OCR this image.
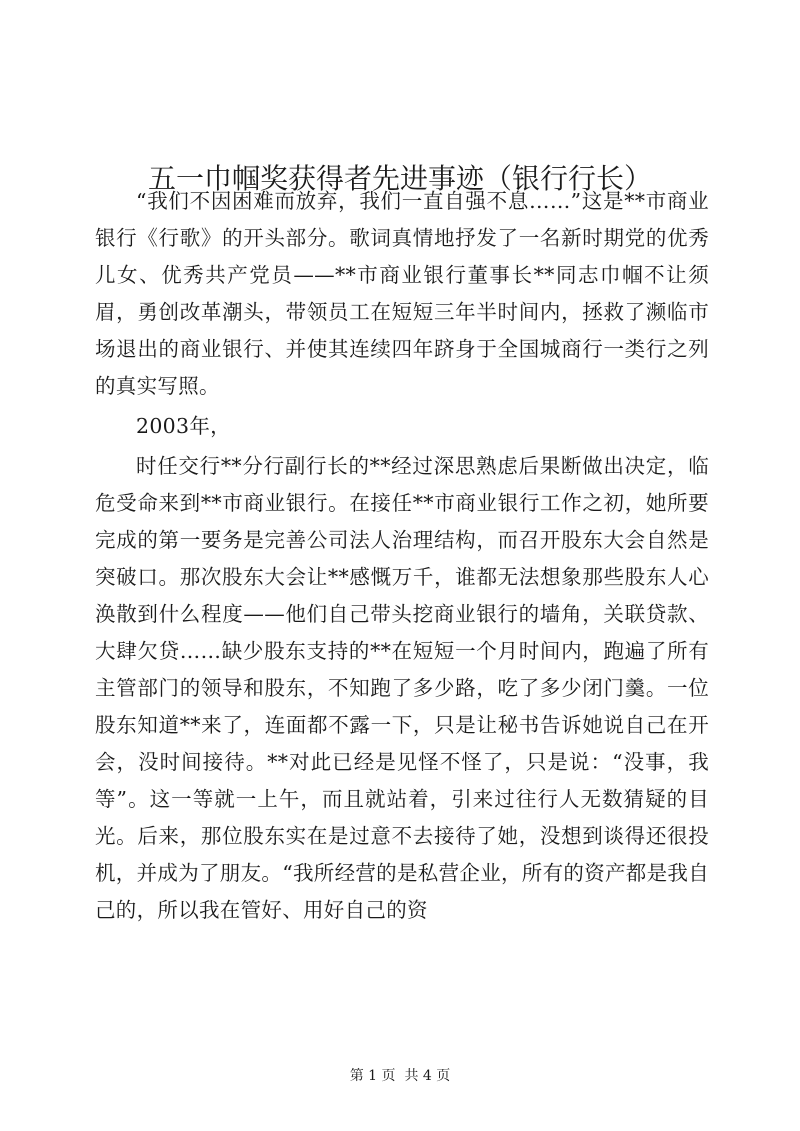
五一巾帼奖获得者先进事迹（银行行长）

“我们不因困难而放弃，我们一直自强不息……”这是**市商业银行《行歌》的开头部分。歌词真情地抒发了一名新时期党的优秀儿女、优秀共产党员——**市商业银行董事长**同志巾帼不让须眉，勇创改革潮头，带领员工在短短三年半时间内，拯救了濒临市场退出的商业银行、并使其连续四年跻身于全国城商行一类行之列的真实写照。

2003年，

时任交行**分行副行长的**经过深思熟虑后果断做出决定，临危受命来到**市商业银行。在接任**市商业银行工作之初，她所要完成的第一要务是完善公司法人治理结构，而召开股东大会自然是突破口。那次股东大会让**感慨万千，谁都无法想象那些股东人心涣散到什么程度——他们自己带头挖商业银行的墙角，关联贷款、大肆欠贷……缺少股东支持的**在短短一个月时间内，跑遍了所有主管部门的领导和股东，不知跑了多少路，吃了多少闭门羹。一位股东知道**来了，连面都不露一下，只是让秘书告诉她说自己在开会，没时间接待。**对此已经是见怪不怪了，只是说：“没事，我等”。这一等就一上午，而且就站着，引来过往行人无数猜疑的目光。后来，那位股东实在是过意不去接待了她，没想到谈得还很投机，并成为了朋友。“我所经营的是私营企业，所有的资产都是我自己的，所以我在管好、用好自己的资

第 1 页  共 4 页
